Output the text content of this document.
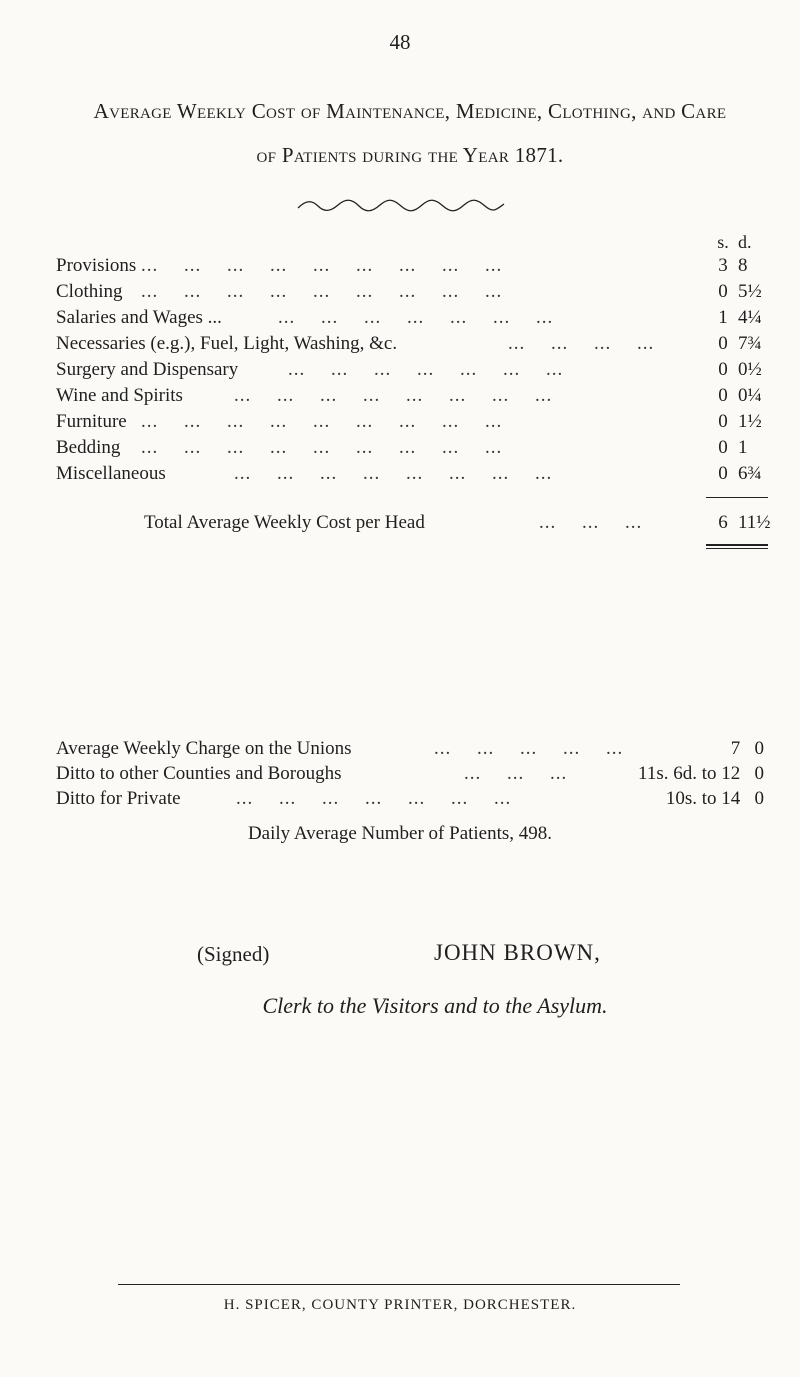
48
Average Weekly Cost of Maintenance, Medicine, Clothing, and Care
of Patients during the Year 1871.
s. d.
Provisions ...  ...  ...  ...  ...  ...  ...  ...  ...	3 8
Clothing ...  ...  ...  ...  ...  ...  ...  ...  ...	0 5½
Salaries and Wages ...	...  ...  ...  ...  ...  ...  ...	1 4¼
Necessaries (e.g.), Fuel, Light, Washing, &c.	...  ...  ...  ...	0 7¾
Surgery and Dispensary	...  ...  ...  ...  ...  ...  ...	0 0½
Wine and Spirits	...  ...  ...  ...  ...  ...  ...  ...	0 0¼
Furniture ...  ...  ...  ...  ...  ...  ...  ...  ...	0 1½
Bedding ...  ...  ...  ...  ...  ...  ...  ...  ...	0 1
Miscellaneous	...  ...  ...  ...  ...  ...  ...  ...	0 6¾
Total Average Weekly Cost per Head	...  ...  ...	6 11½
Average Weekly Charge on the Unions	...  ...  ...  ...  ...	7   0
Ditto to other Counties and Boroughs	...  ...  ...	11s. 6d. to 12   0
Ditto for Private	...  ...  ...  ...  ...  ...  ...	10s. to 14   0
Daily Average Number of Patients, 498.
(Signed)	JOHN BROWN,
Clerk to the Visitors and to the Asylum.
H. SPICER, COUNTY PRINTER, DORCHESTER.
